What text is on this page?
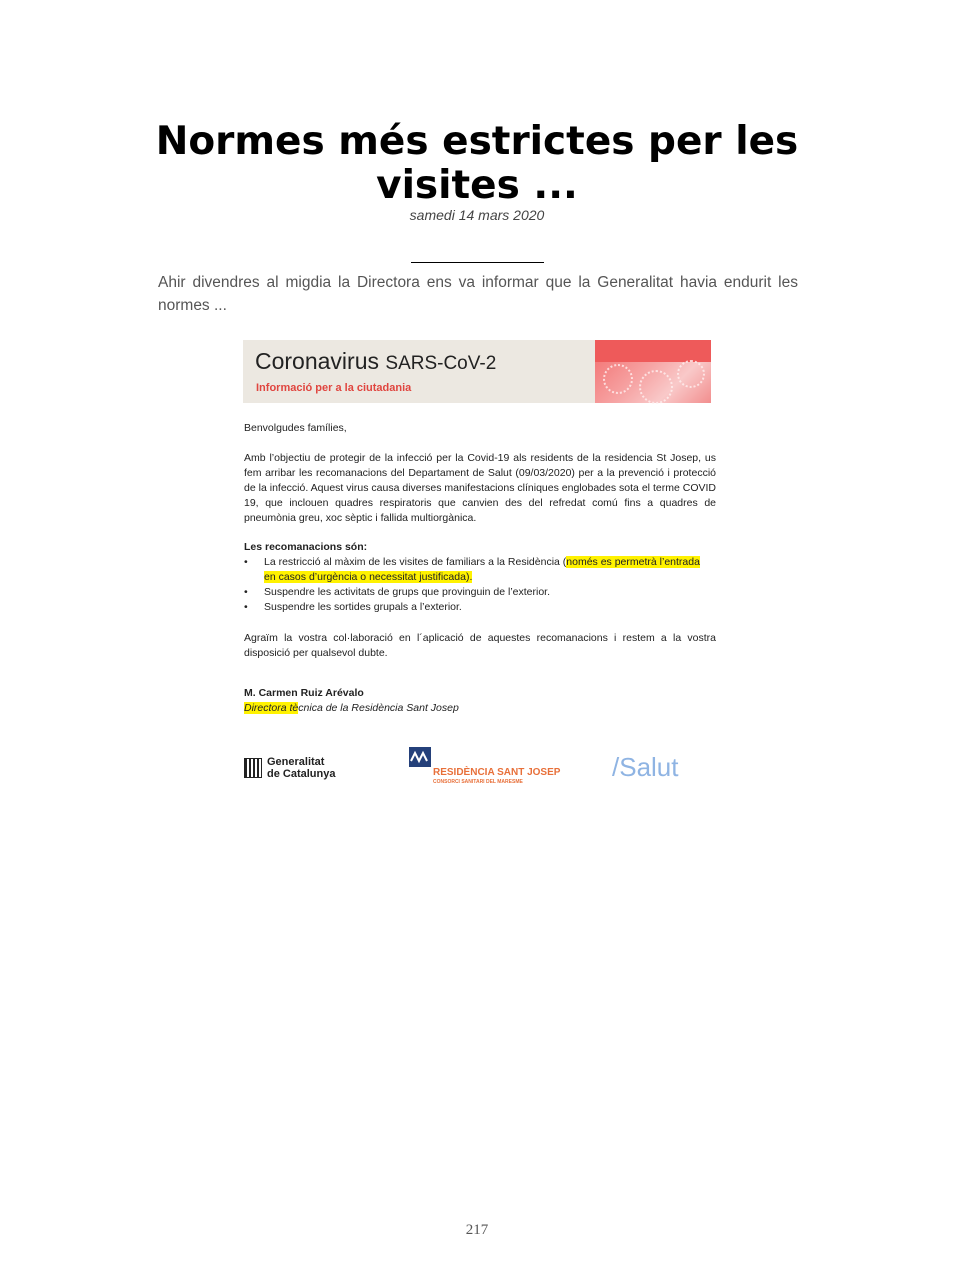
Normes més estrictes per les visites ...
samedi 14 mars 2020

Ahir divendres al migdia la Directora ens va informar que la Generalitat havia endurit les normes ...

Coronavirus SARS-CoV-2
Informació per a la ciutadania

Benvolgudes famílies,

Amb l’objectiu de protegir de la infecció per la Covid-19 als residents de la residencia St Josep, us fem arribar les recomanacions del Departament de Salut (09/03/2020) per a la prevenció i protecció de la infecció. Aquest virus causa diverses manifestacions clíniques englobades sota el terme COVID 19, que inclouen quadres respiratoris que canvien des del refredat comú fins a quadres de pneumònia greu, xoc sèptic i fallida multiorgànica.

Les recomanacions són:

• La restricció al màxim de les visites de familiars a la Residència (només es permetrà l’entrada
en casos d’urgència o necessitat justificada).
• Suspendre les activitats de grups que provinguin de l’exterior.
• Suspendre les sortides grupals a l’exterior.

Agraïm la vostra col·laboració en l´aplicació de aquestes recomanacions i restem a la vostra disposició per qualsevol dubte.

M. Carmen Ruiz Arévalo

Directora tècnica de la Residència Sant Josep

Generalitat
de Catalunya	RESIDÈNCIA SANT JOSEP
CONSORCI SANITARI DEL MARESME	/Salut
217
